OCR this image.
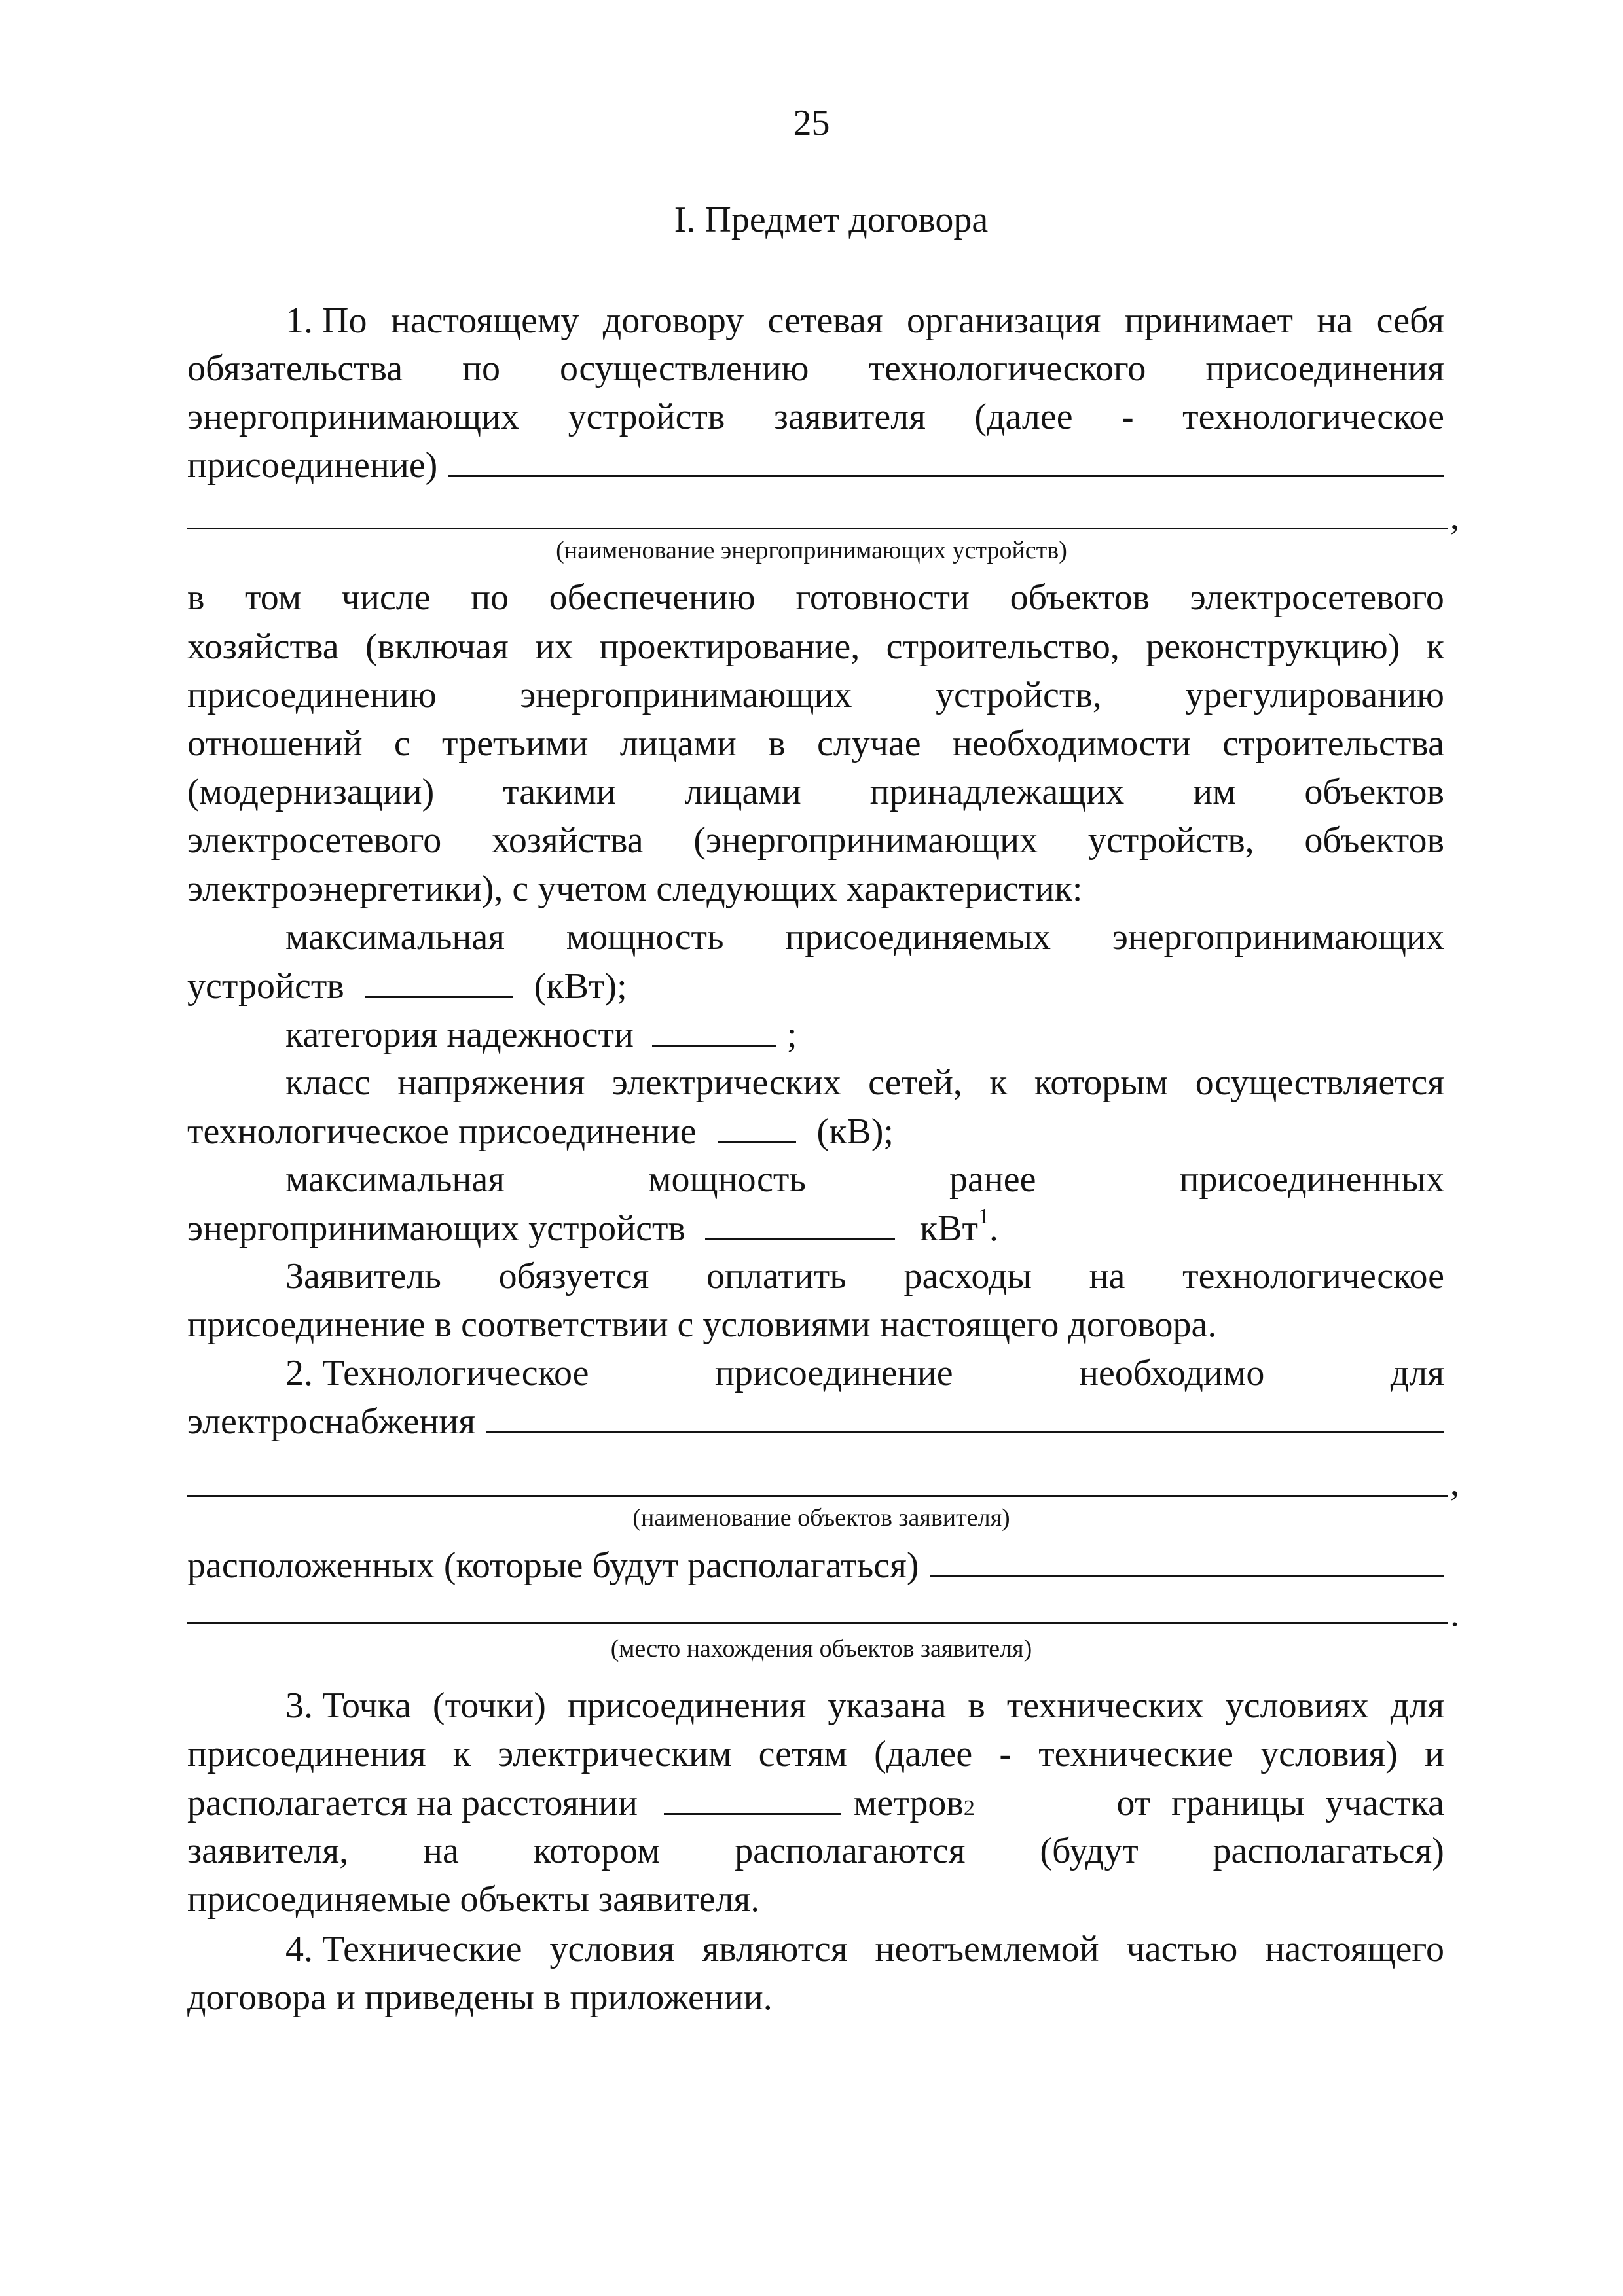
25
I. Предмет договора
1. По настоящему договору сетевая организация принимает на себя
обязательства по осуществлению технологического присоединения
энергопринимающих устройств заявителя (далее - технологическое
присоединение)
,
(наименование энергопринимающих устройств)
в том числе по обеспечению готовности объектов электросетевого
хозяйства (включая их проектирование, строительство, реконструкцию) к
присоединению энергопринимающих устройств, урегулированию
отношений с третьими лицами в случае необходимости строительства
(модернизации) такими лицами принадлежащих им объектов
электросетевого хозяйства (энергопринимающих устройств, объектов
электроэнергетики), с учетом следующих характеристик:
максимальная мощность присоединяемых энергопринимающих
устройств	(кВт);
категория надежности	;
класс напряжения электрических сетей, к которым осуществляется
технологическое присоединение	(кВ);
максимальная	мощность	ранее	присоединенных
энергопринимающих устройств	кВт$^1$.
Заявитель обязуется оплатить расходы на технологическое
присоединение в соответствии с условиями настоящего договора.
2. Технологическое	присоединение	необходимо	для
электроснабжения
,
(наименование объектов заявителя)
расположенных (которые будут располагаться)
.
(место нахождения объектов заявителя)
3. Точка (точки) присоединения указана в технических условиях для
присоединения к электрическим сетям (далее - технические условия) и
располагается на расстоянии	метров 2	от границы участка
заявителя, на котором располагаются (будут располагаться)
присоединяемые объекты заявителя.
4. Технические условия являются неотъемлемой частью настоящего
договора и приведены в приложении.
